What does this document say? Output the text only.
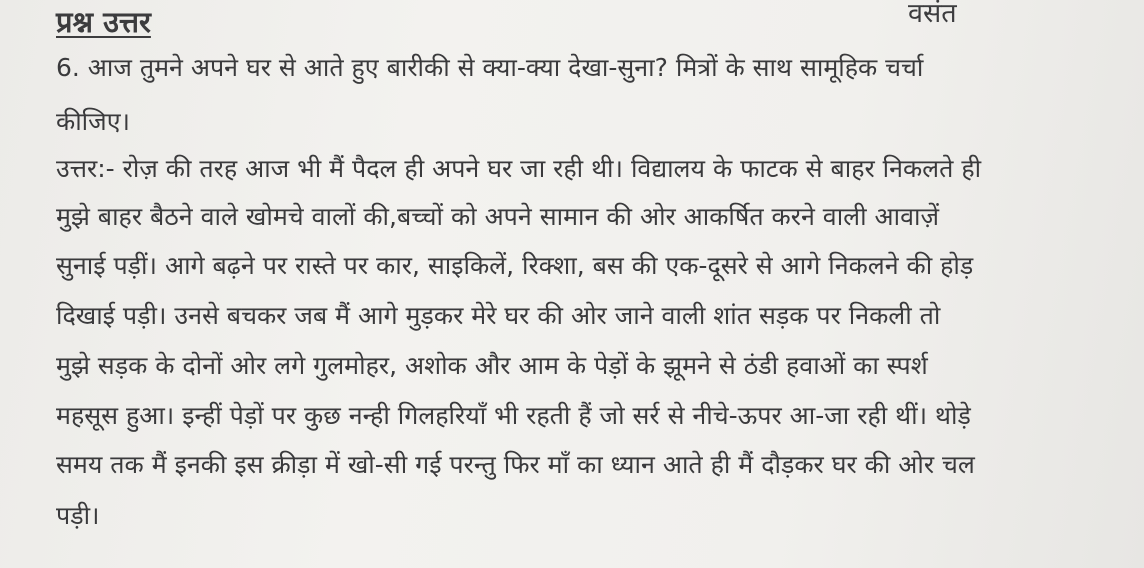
प्रश्न उत्तर	वसंत
6. आज तुमने अपने घर से आते हुए बारीकी से क्या-क्या देखा-सुना? मित्रों के साथ सामूहिक चर्चा
कीजिए।
उत्तर:- रोज़ की तरह आज भी मैं पैदल ही अपने घर जा रही थी। विद्यालय के फाटक से बाहर निकलते ही
मुझे बाहर बैठने वाले खोमचे वालों की,बच्चों को अपने सामान की ओर आकर्षित करने वाली आवाज़ें
सुनाई पड़ीं। आगे बढ़ने पर रास्ते पर कार, साइकिलें, रिक्शा, बस की एक-दूसरे से आगे निकलने की होड़
दिखाई पड़ी। उनसे बचकर जब मैं आगे मुड़कर मेरे घर की ओर जाने वाली शांत सड़क पर निकली तो
मुझे सड़क के दोनों ओर लगे गुलमोहर, अशोक और आम के पेड़ों के झूमने से ठंडी हवाओं का स्पर्श
महसूस हुआ। इन्हीं पेड़ों पर कुछ नन्ही गिलहरियाँ भी रहती हैं जो सर्र से नीचे-ऊपर आ-जा रही थीं। थोड़े
समय तक मैं इनकी इस क्रीड़ा में खो-सी गई परन्तु फिर माँ का ध्यान आते ही मैं दौड़कर घर की ओर चल
पड़ी।
